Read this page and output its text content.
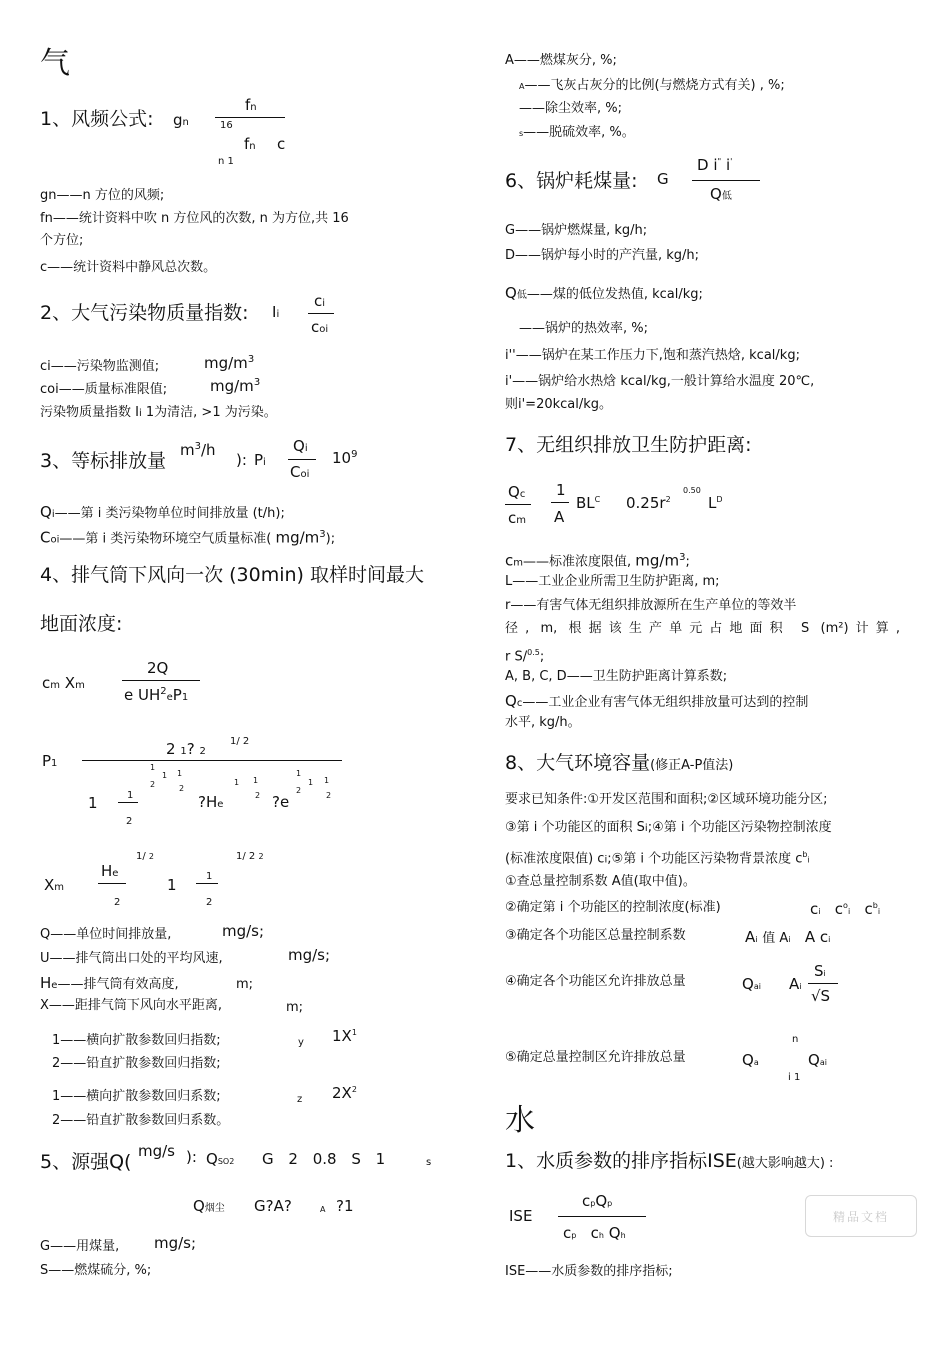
气
1、风频公式: gn
fn
16
fn c
n 1
gn——n 方位的风频;
fn——统计资料中吹 n 方位风的次数, n 为方位,共 16
个方位;
c——统计资料中静风总次数。
2、大气污染物质量指数: Ii
ci
coi
ci——污染物监测值;	$mg/m^3$
coi——质量标准限值;	$mg/m^3$
污染物质量指数 Ii 1为清洁, >1 为污染。
3、等标排放量 $m^3/h$
): Pi
Qi
Coi
$10^9$
Qi——第 i 类污染物单位时间排放量 (t/h);
Coi——第 i 类污染物环境空气质量标准( $mg/m^3$);
4、排气筒下风向一次 (30min) 取样时间最大
地面浓度:
cm Xm
2Q
e $UH^2eP1$
P1
2 1? 2
1/ 2
1	1
2
1
2
1 1
2
?He
1 1
2 ?e
1
2
1 1
2
Xm
He
2
1/ 2
1	1
2
1/ 2 2
Q——单位时间排放量,	mg/s;
U——排气筒出口处的平均风速,	mg/s;
He——排气筒有效高度,	m;
X——距排气筒下风向水平距离,	m;
1——横向扩散参数回归指数;	y $1X^1$
2——铅直扩散参数回归指数;
1——横向扩散参数回归系数;	z $2X^2$
2——铅直扩散参数回归系数。
5、源强Q( mg/s ): QSO2 G 2 0.8 S 1	s
Q烟尘 G?A?	A ?1
G——用煤量, mg/s;
S——燃煤硫分, %;
A——燃煤灰分, %;
A——飞灰占灰分的比例(与燃烧方式有关) , %;
——除尘效率, %;
s——脱硫效率, %。
6、锅炉耗煤量: G
D i" i'
Q低
G——锅炉燃煤量, kg/h;
D——锅炉每小时的产汽量, kg/h;
Q低——煤的低位发热值, kcal/kg;
——锅炉的热效率, %;
i''——锅炉在某工作压力下,饱和蒸汽热焓, kcal/kg;
i'——锅炉给水热焓 kcal/kg,一般计算给水温度 20℃,
则i'=20kcal/kg。
7、无组织排放卫生防护距离:
Qc
cm
1
A
$BL^C$ $0.25r^2$
0.50
$L^D$
cm——标准浓度限值, $mg/m^3$;
L——工业企业所需卫生防护距离, m;
r——有害气体无组织排放源所在生产单位的等效半
径, m, 根据该生产单元占地面积 S (m²)计算,
r S/$^{0.5}$;
A, B, C, D——卫生防护距离计算系数;
Qc——工业企业有害气体无组织排放量可达到的控制
水平, kg/h。
8、大气环境容量(修正A-P值法)
要求已知条件:①开发区范围和面积;②区域环境功能分区;
③第 i 个功能区的面积 Si;④第 i 个功能区污染物控制浓度
(标准浓度限值) ci;⑤第 i 个功能区污染物背景浓度 $c^bi$
①查总量控制系数 A值(取中值)。
②确定第 i 个功能区的控制浓度(标准)	ci $c^oi$ $c^bi$
③确定各个功能区总量控制系数	Ai 值 Ai A ci
④确定各个功能区允许排放总量	Qai Ai
Si
√S
⑤确定总量控制区允许排放总量	Qa
n
i 1
Qai
水
1、水质参数的排序指标ISE(越大影响越大) :
ISE
cpQp
cp ch Qh
ISE——水质参数的排序指标;
精品文档
